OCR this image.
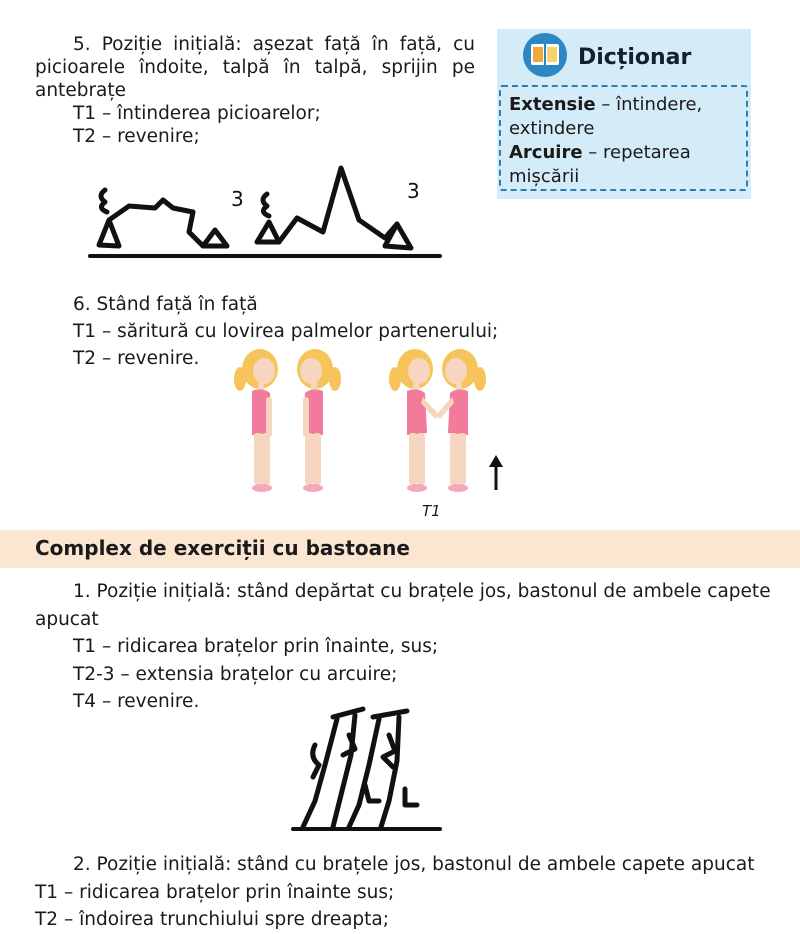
5. Poziție inițială: așezat față în față, cu picioarele îndoite, talpă în talpă, sprijin pe antebrațe
T1 – întinderea picioarelor;
T2 – revenire;
Dicționar
Extensie – întindere, extindere
Arcuire – repetarea mișcării
3	3
6. Stând față în față
T1 – săritură cu lovirea palmelor partenerului;
T2 – revenire.
T1
Complex de exerciții cu bastoane
1. Poziție inițială: stând depărtat cu brațele jos, bastonul de ambele capete apucat
T1 – ridicarea brațelor prin înainte, sus;
T2-3 – extensia brațelor cu arcuire;
T4 – revenire.
2. Poziție inițială: stând cu brațele jos, bastonul de ambele capete apucat
T1 – ridicarea brațelor prin înainte sus;
T2 – îndoirea trunchiului spre dreapta;
